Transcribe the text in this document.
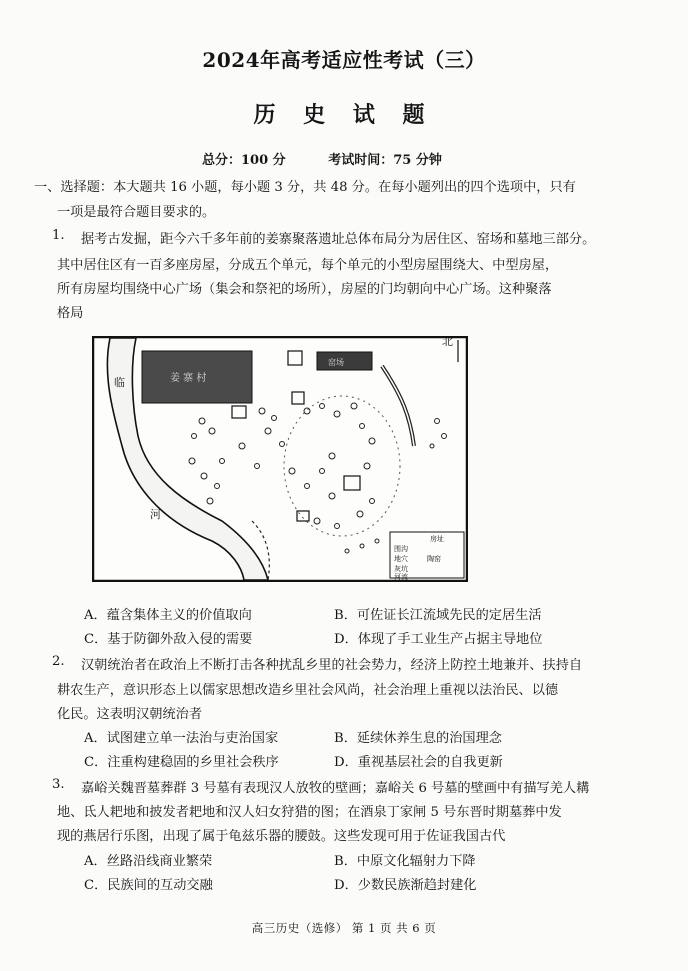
2024年高考适应性考试（三）
历 史 试 题
总分：100 分	考试时间：75 分钟
一、选择题：本大题共 16 小题，每小题 3 分，共 48 分。在每小题列出的四个选项中，只有
一项是最符合题目要求的。
1. 据考古发掘，距今六千多年前的姜寨聚落遗址总体布局分为居住区、窑场和墓地三部分。
其中居住区有一百多座房屋，分成五个单元，每个单元的小型房屋围绕大、中型房屋，
所有房屋均围绕中心广场（集会和祭祀的场所），房屋的门均朝向中心广场。这种聚落
格局
北
临
河
姜 寨 村
窑场
房址
围沟
地穴	陶窑
灰坑
河流
A．蕴含集体主义的价值取向	B．可佐证长江流域先民的定居生活
C．基于防御外敌入侵的需要	D．体现了手工业生产占据主导地位
2. 汉朝统治者在政治上不断打击各种扰乱乡里的社会势力，经济上防控土地兼并、扶持自
耕农生产，意识形态上以儒家思想改造乡里社会风尚，社会治理上重视以法治民、以德
化民。这表明汉朝统治者
A．试图建立单一法治与吏治国家	B．延续休养生息的治国理念
C．注重构建稳固的乡里社会秩序	D．重视基层社会的自我更新
3. 嘉峪关魏晋墓葬群 3 号墓有表现汉人放牧的壁画；嘉峪关 6 号墓的壁画中有描写羌人耩
地、氐人耙地和披发者耙地和汉人妇女狩猎的图；在酒泉丁家闸 5 号东晋时期墓葬中发
现的燕居行乐图，出现了属于龟兹乐器的腰鼓。这些发现可用于佐证我国古代
A．丝路沿线商业繁荣	B．中原文化辐射力下降
C．民族间的互动交融	D．少数民族渐趋封建化
高三历史（选修） 第 1 页 共 6 页
